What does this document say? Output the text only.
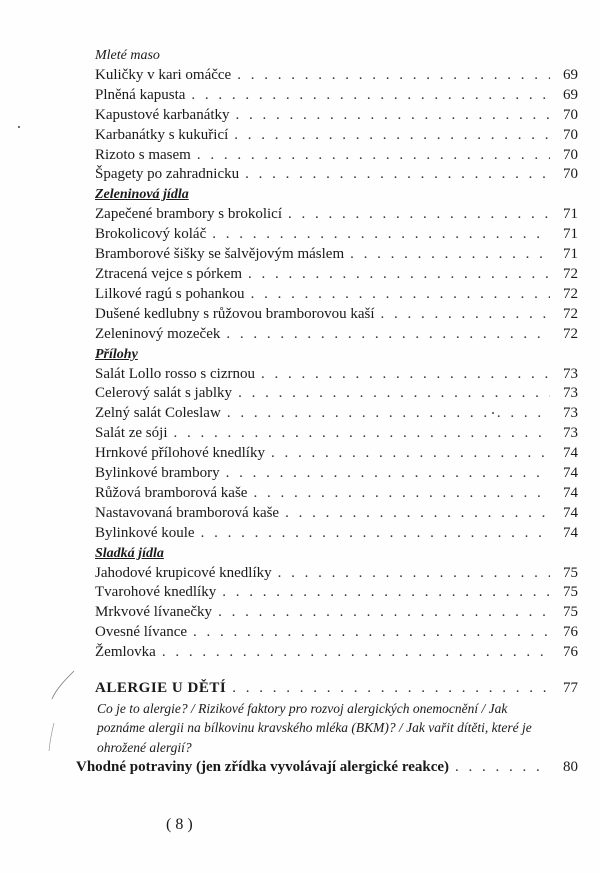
Mleté maso
Kuličky v kari omáčce . . .	69
Plněná kapusta . . .	69
Kapustové karbanátky . . .	70
Karbanátky s kukuřicí . . .	70
Rizoto s masem . . .	70
Špagety po zahradnicku . . .	70
Zeleninová jídla
Zapečené brambory s brokolicí . . .	71
Brokolicový koláč . . .	71
Bramborové šišky se šalvějovým máslem . . .	71
Ztracená vejce s pórkem . . .	72
Lilkové ragú s pohankou . . .	72
Dušené kedlubny s růžovou bramborovou kaší . . .	72
Zeleninový mozeček . . .	72
Přílohy
Salát Lollo rosso s cizrnou . . .	73
Celerový salát s jablky . . .	73
Zelný salát Coleslaw . . .	73
Salát ze sóji . . .	73
Hrnkové přílohové knedlíky . . .	74
Bylinkové brambory . . .	74
Růžová bramborová kaše . . .	74
Nastavovaná bramborová kaše . . .	74
Bylinkové koule . . .	74
Sladká jídla
Jahodové krupicové knedlíky . . .	75
Tvarohové knedlíky . . .	75
Mrkvové lívanečky . . .	75
Ovesné lívance . . .	76
Žemlovka . . .	76
ALERGIE U DĚTÍ . . .	77
Co je to alergie? / Rizikové faktory pro rozvoj alergických onemocnění / Jak poznáme alergii na bílkovinu kravského mléka (BKM)? / Jak vařit dítěti, které je ohrožené alergií?
Vhodné potraviny (jen zřídka vyvolávají alergické reakce) . . .	80
( 8 )
